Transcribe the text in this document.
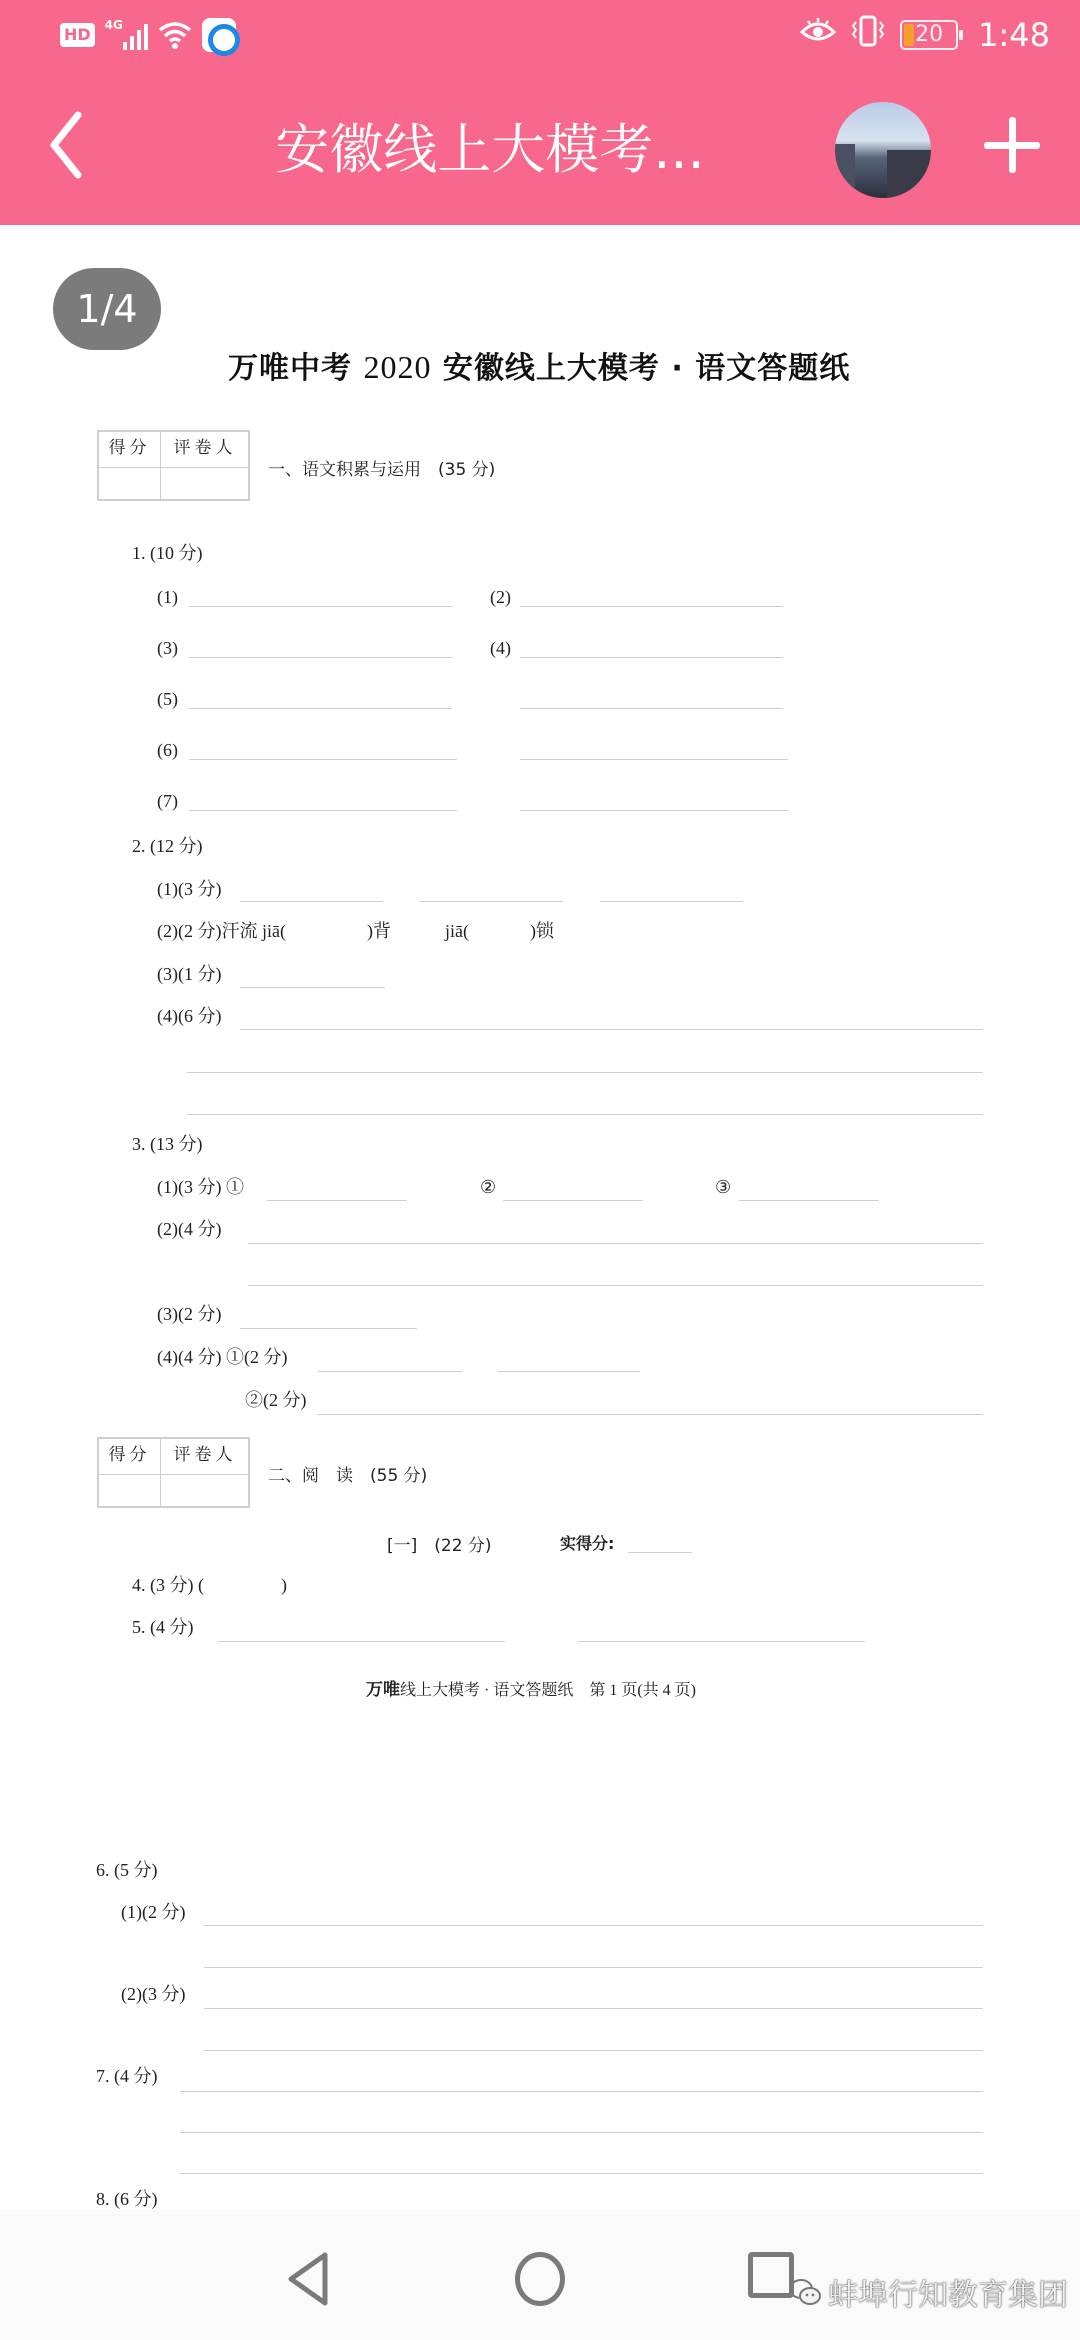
HD	4G	20	1:48
安徽线上大模考...
万唯中考 2020 安徽线上大模考 · 语文答题纸
得分	评卷人
一、语文积累与运用　(35 分)
1. (10 分)
(1)	(2)
(3)	(4)
(5)
(6)
(7)
2. (12 分)
(1)(3 分)
(2)(2 分)汗流 jiā(	)背	jiā(	)锁
(3)(1 分)
(4)(6 分)
3. (13 分)
(1)(3 分) ①	②	③
(2)(4 分)
(3)(2 分)
(4)(4 分) ①(2 分)
②(2 分)
得分	评卷人
二、阅　读　(55 分)
[一]　(22 分)	实得分:
4. (3 分) (	)
5. (4 分)
万唯线上大模考 · 语文答题纸　第 1 页(共 4 页)
6. (5 分)
(1)(2 分)
(2)(3 分)
7. (4 分)
8. (6 分)
1/4
蚌埠行知教育集团
